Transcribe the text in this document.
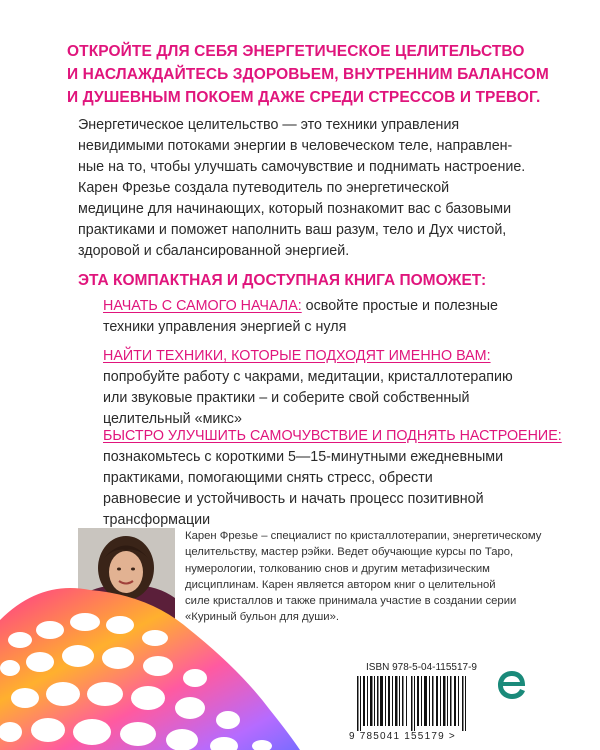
ОТКРОЙТЕ ДЛЯ СЕБЯ ЭНЕРГЕТИЧЕСКОЕ ЦЕЛИТЕЛЬСТВО
И НАСЛАЖДАЙТЕСЬ ЗДОРОВЬЕМ, ВНУТРЕННИМ БАЛАНСОМ
И ДУШЕВНЫМ ПОКОЕМ ДАЖЕ СРЕДИ СТРЕССОВ И ТРЕВОГ.
Энергетическое целительство — это техники управления
невидимыми потоками энергии в человеческом теле, направлен-
ные на то, чтобы улучшать самочувствие и поднимать настроение.
Карен Фрезье создала путеводитель по энергетической
медицине для начинающих, который познакомит вас с базовыми
практиками и поможет наполнить ваш разум, тело и Дух чистой,
здоровой и сбалансированной энергией.
ЭТА КОМПАКТНАЯ И ДОСТУПНАЯ КНИГА ПОМОЖЕТ:
НАЧАТЬ С САМОГО НАЧАЛА: освойте простые и полезные
техники управления энергией с нуля
НАЙТИ ТЕХНИКИ, КОТОРЫЕ ПОДХОДЯТ ИМЕННО ВАМ:
попробуйте работу с чакрами, медитации, кристаллотерапию
или звуковые практики – и соберите свой собственный
целительный «микс»
БЫСТРО УЛУЧШИТЬ САМОЧУВСТВИЕ И ПОДНЯТЬ НАСТРОЕНИЕ:
познакомьтесь с короткими 5—15-минутными ежедневными
практиками, помогающими снять стресс, обрести
равновесие и устойчивость и начать процесс позитивной
трансформации
Карен Фрезье – специалист по кристаллотерапии, энергетическому
целительству, мастер рэйки. Ведет обучающие курсы по Таро,
нумерологии, толкованию снов и другим метафизическим
дисциплинам. Карен является автором книг о целительной
силе кристаллов и также принимала участие в создании серии
«Куриный бульон для души».
ISBN 978-5-04-115517-9
9 785041 155179 >
